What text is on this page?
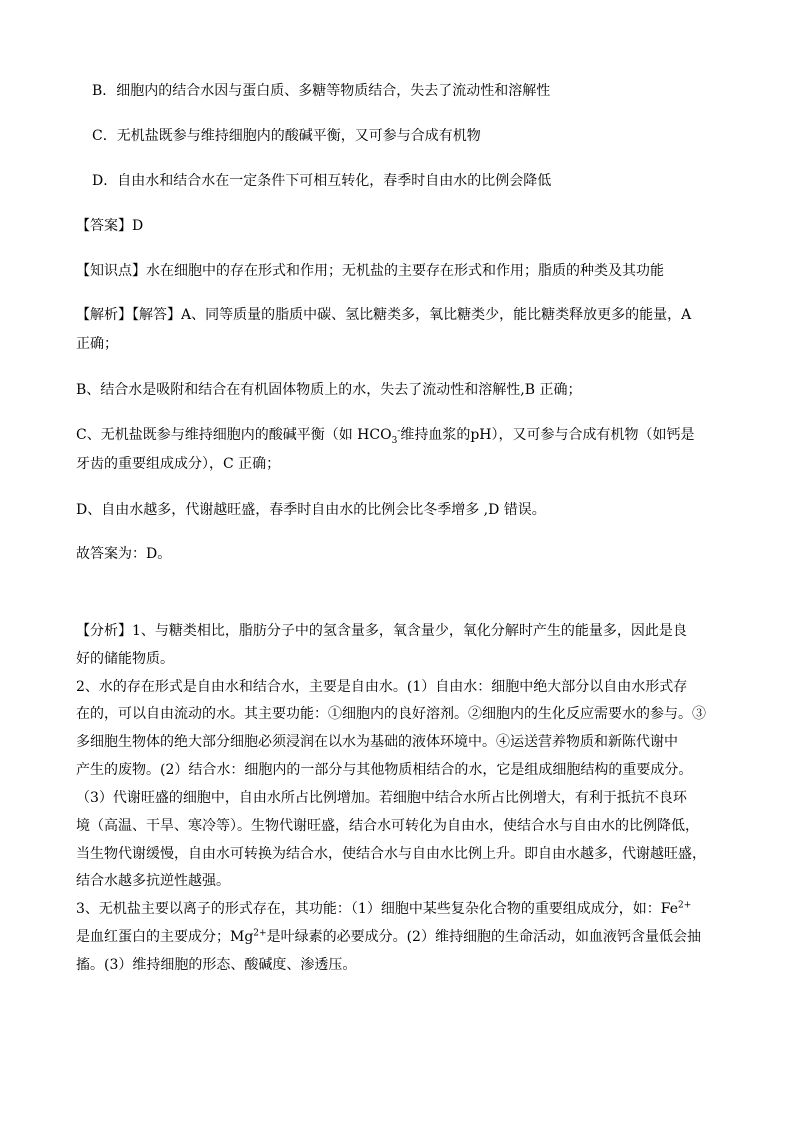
B．细胞内的结合水因与蛋白质、多糖等物质结合，失去了流动性和溶解性
C．无机盐既参与维持细胞内的酸碱平衡，又可参与合成有机物
D．自由水和结合水在一定条件下可相互转化，春季时自由水的比例会降低
【答案】D
【知识点】水在细胞中的存在形式和作用；无机盐的主要存在形式和作用；脂质的种类及其功能
【解析】【解答】A、同等质量的脂质中碳、氢比糖类多，氧比糖类少，能比糖类释放更多的能量，A
正确；
B、结合水是吸附和结合在有机固体物质上的水，失去了流动性和溶解性,B 正确；
C、无机盐既参与维持细胞内的酸碱平衡（如 $HCO_3^-$维持血浆的pH），又可参与合成有机物（如钙是
牙齿的重要组成成分），C 正确；
D、自由水越多，代谢越旺盛，春季时自由水的比例会比冬季增多 ,D 错误。
故答案为：D。
【分析】1、与糖类相比，脂肪分子中的氢含量多，氧含量少，氧化分解时产生的能量多，因此是良
好的储能物质。
2、水的存在形式是自由水和结合水，主要是自由水。(1）自由水：细胞中绝大部分以自由水形式存
在的，可以自由流动的水。其主要功能：①细胞内的良好溶剂。②细胞内的生化反应需要水的参与。③
多细胞生物体的绝大部分细胞必须浸润在以水为基础的液体环境中。④运送营养物质和新陈代谢中
产生的废物。(2）结合水：细胞内的一部分与其他物质相结合的水，它是组成细胞结构的重要成分。
（3）代谢旺盛的细胞中，自由水所占比例增加。若细胞中结合水所占比例增大，有利于抵抗不良环
境（高温、干旱、寒冷等）。生物代谢旺盛，结合水可转化为自由水，使结合水与自由水的比例降低，
当生物代谢缓慢，自由水可转换为结合水，使结合水与自由水比例上升。即自由水越多，代谢越旺盛，
结合水越多抗逆性越强。
3、无机盐主要以离子的形式存在，其功能：（1）细胞中某些复杂化合物的重要组成成分，如：$Fe^{2+}$
是血红蛋白的主要成分；$Mg^{2+}$是叶绿素的必要成分。(2）维持细胞的生命活动，如血液钙含量低会抽
搐。(3）维持细胞的形态、酸碱度、渗透压。
